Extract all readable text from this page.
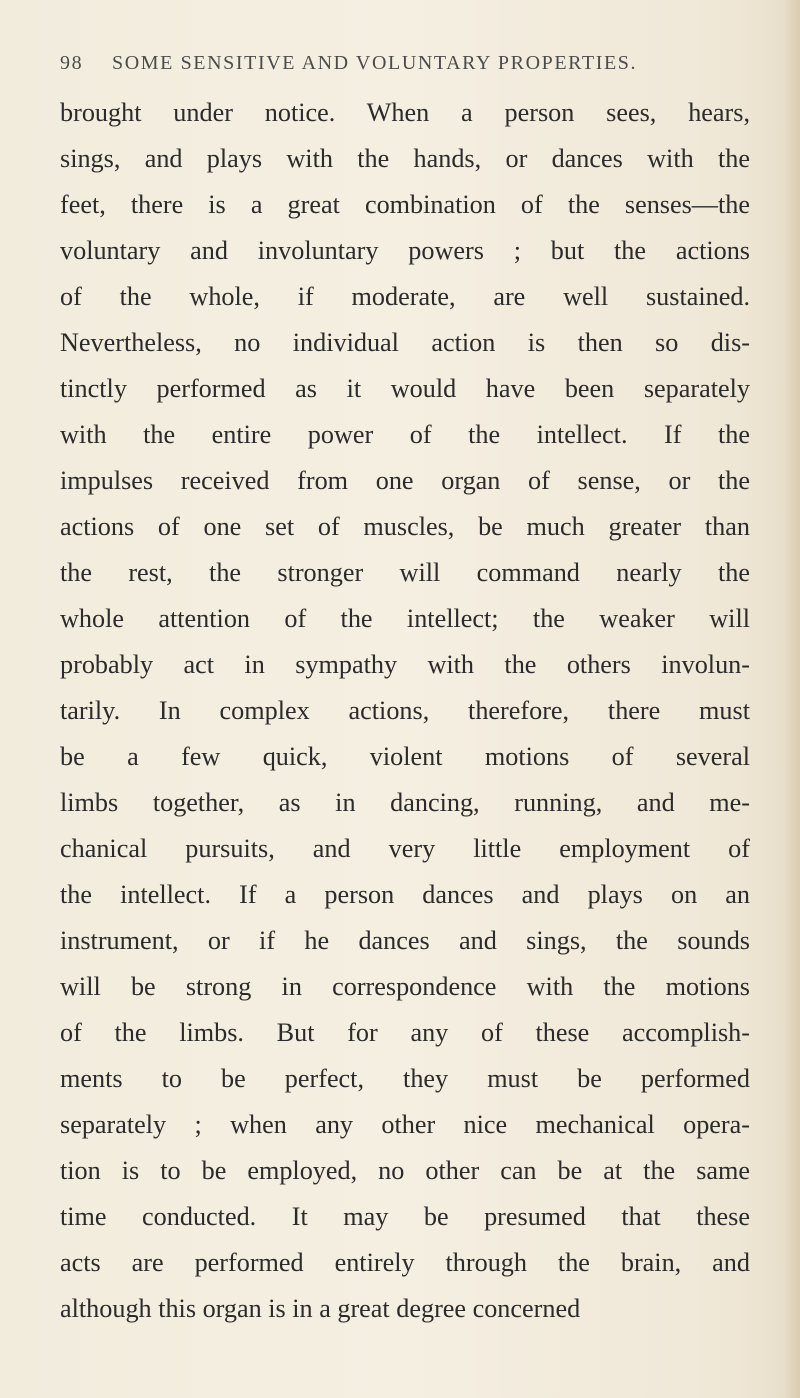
98 SOME SENSITIVE AND VOLUNTARY PROPERTIES.
brought under notice. When a person sees, hears,
sings, and plays with the hands, or dances with the
feet, there is a great combination of the senses—the
voluntary and involuntary powers ; but the actions
of the whole, if moderate, are well sustained.
Nevertheless, no individual action is then so dis-
tinctly performed as it would have been separately
with the entire power of the intellect. If the
impulses received from one organ of sense, or the
actions of one set of muscles, be much greater than
the rest, the stronger will command nearly the
whole attention of the intellect; the weaker will
probably act in sympathy with the others involun-
tarily. In complex actions, therefore, there must
be a few quick, violent motions of several
limbs together, as in dancing, running, and me-
chanical pursuits, and very little employment of
the intellect. If a person dances and plays on an
instrument, or if he dances and sings, the sounds
will be strong in correspondence with the motions
of the limbs. But for any of these accomplish-
ments to be perfect, they must be performed
separately ; when any other nice mechanical opera-
tion is to be employed, no other can be at the same
time conducted. It may be presumed that these
acts are performed entirely through the brain, and
although this organ is in a great degree concerned
